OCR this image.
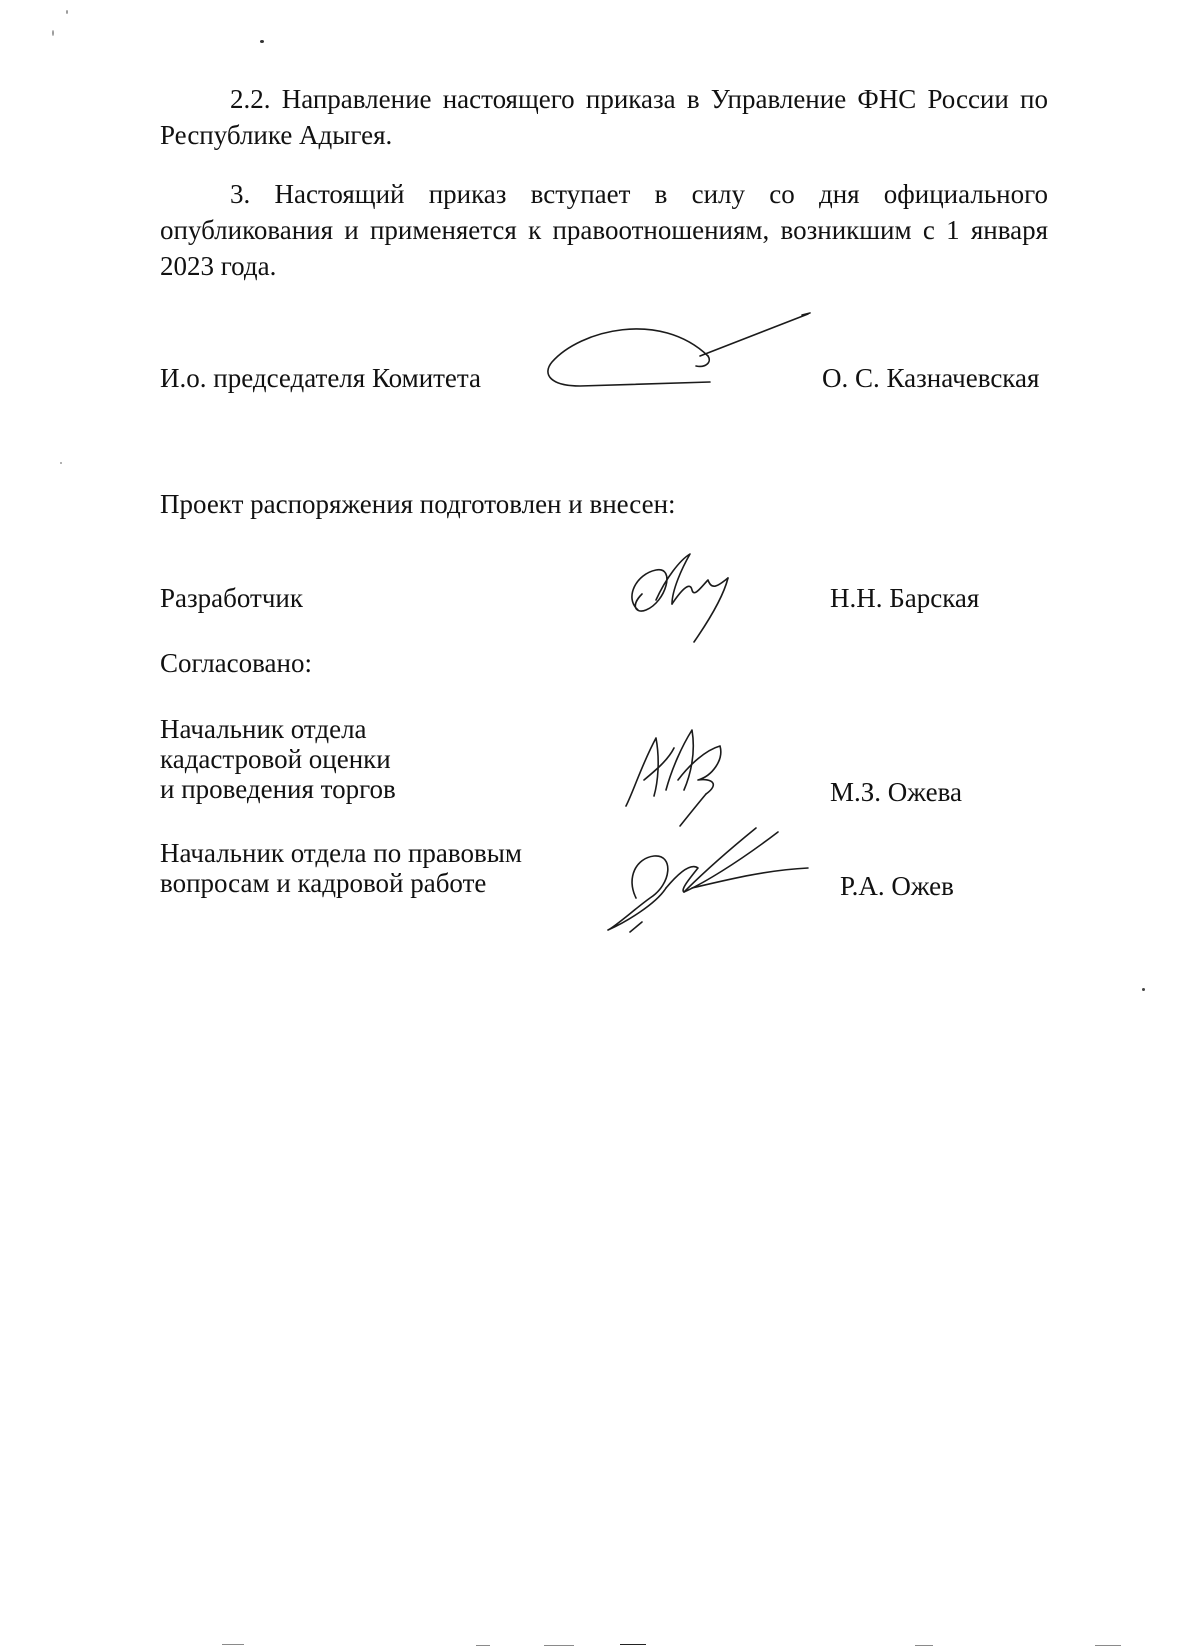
2.2. Направление настоящего приказа в Управление ФНС России по Республике Адыгея.

3. Настоящий приказ вступает в силу со дня официального опубликования и применяется к правоотношениям, возникшим с 1 января 2023 года.

И.о. председателя Комитета	О. С. Казначевская

Проект распоряжения подготовлен и внесен:

Разработчик	Н.Н. Барская

Согласовано:

Начальник отдела
кадастровой оценки
и проведения торгов	М.З. Ожева

Начальник отдела по правовым
вопросам и кадровой работе	Р.А. Ожев
